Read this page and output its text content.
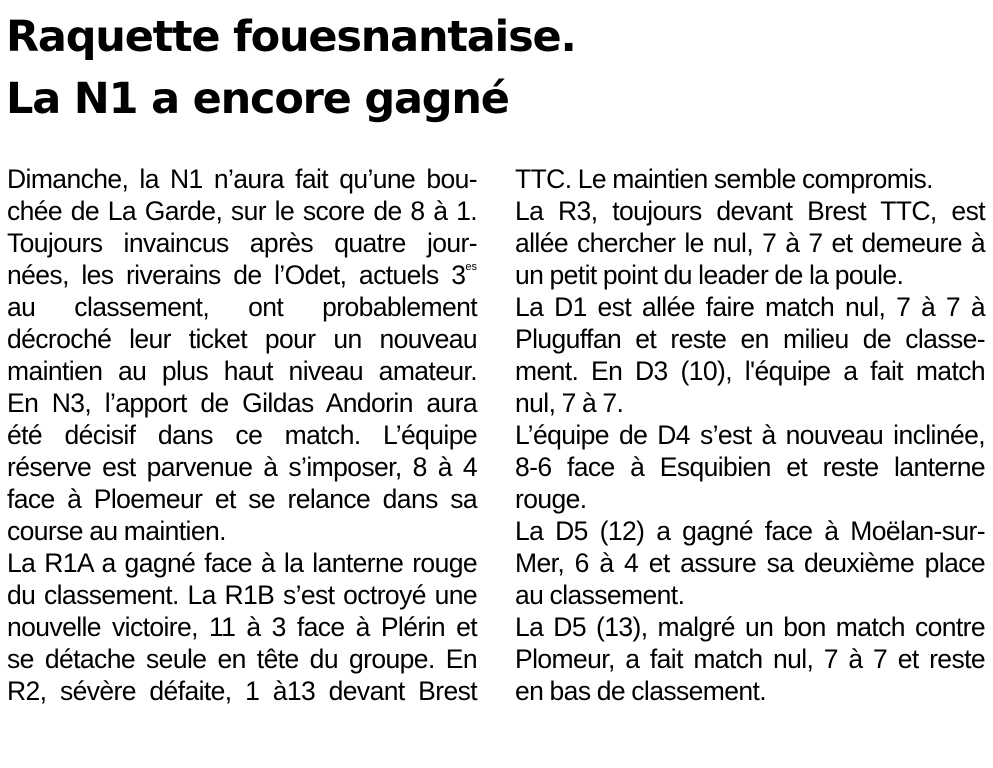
Raquette fouesnantaise.
La N1 a encore gagné
Dimanche, la N1 n’aura fait qu’une bou-
chée de La Garde, sur le score de 8 à 1.
Toujours invaincus après quatre jour-
nées, les riverains de l’Odet, actuels $3^{es}$
au classement, ont probablement
décroché leur ticket pour un nouveau
maintien au plus haut niveau amateur.
En N3, l’apport de Gildas Andorin aura
été décisif dans ce match. L’équipe
réserve est parvenue à s’imposer, 8 à 4
face à Ploemeur et se relance dans sa
course au maintien.
La R1A a gagné face à la lanterne rouge
du classement. La R1B s’est octroyé une
nouvelle victoire, 11 à 3 face à Plérin et
se détache seule en tête du groupe. En
R2, sévère défaite, 1 à13 devant Brest
TTC. Le maintien semble compromis.
La R3, toujours devant Brest TTC, est
allée chercher le nul, 7 à 7 et demeure à
un petit point du leader de la poule.
La D1 est allée faire match nul, 7 à 7 à
Pluguffan et reste en milieu de classe-
ment. En D3 (10), l'équipe a fait match
nul, 7 à 7.
L’équipe de D4 s’est à nouveau inclinée,
8-6 face à Esquibien et reste lanterne
rouge.
La D5 (12) a gagné face à Moëlan-sur-
Mer, 6 à 4 et assure sa deuxième place
au classement.
La D5 (13), malgré un bon match contre
Plomeur, a fait match nul, 7 à 7 et reste
en bas de classement.
